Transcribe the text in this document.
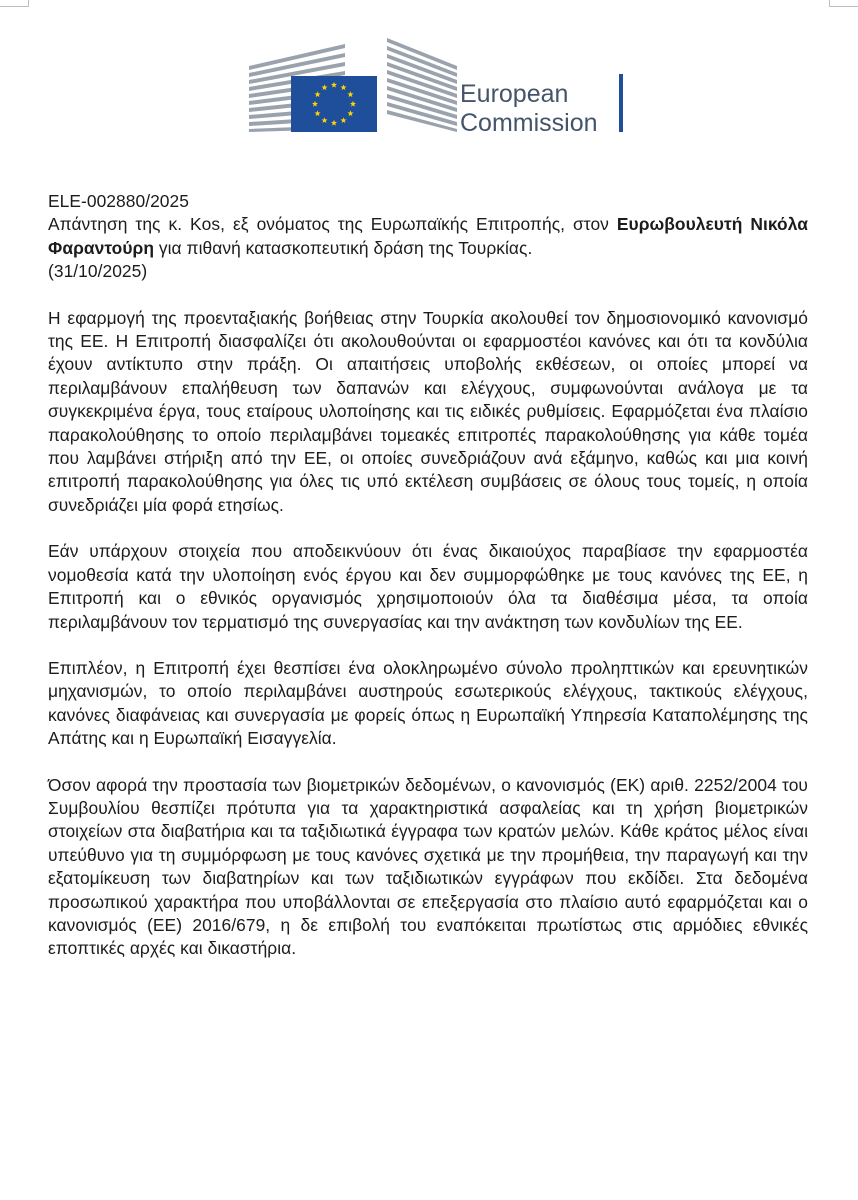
European
Commission
ELE-002880/2025

Απάντηση της κ. Kos, εξ ονόματος της Ευρωπαϊκής Επιτροπής, στον Ευρωβουλευτή Νικόλα Φαραντούρη για πιθανή κατασκοπευτική δράση της Τουρκίας.

(31/10/2025)

Η εφαρμογή της προενταξιακής βοήθειας στην Τουρκία ακολουθεί τον δημοσιονομικό κανονισμό της ΕΕ. Η Επιτροπή διασφαλίζει ότι ακολουθούνται οι εφαρμοστέοι κανόνες και ότι τα κονδύλια έχουν αντίκτυπο στην πράξη. Οι απαιτήσεις υποβολής εκθέσεων, οι οποίες μπορεί να περιλαμβάνουν επαλήθευση των δαπανών και ελέγχους, συμφωνούνται ανάλογα με τα συγκεκριμένα έργα, τους εταίρους υλοποίησης και τις ειδικές ρυθμίσεις. Εφαρμόζεται ένα πλαίσιο παρακολούθησης το οποίο περιλαμβάνει τομεακές επιτροπές παρακολούθησης για κάθε τομέα που λαμβάνει στήριξη από την ΕΕ, οι οποίες συνεδριάζουν ανά εξάμηνο, καθώς και μια κοινή επιτροπή παρακολούθησης για όλες τις υπό εκτέλεση συμβάσεις σε όλους τους τομείς, η οποία συνεδριάζει μία φορά ετησίως.

Εάν υπάρχουν στοιχεία που αποδεικνύουν ότι ένας δικαιούχος παραβίασε την εφαρμοστέα νομοθεσία κατά την υλοποίηση ενός έργου και δεν συμμορφώθηκε με τους κανόνες της ΕΕ, η Επιτροπή και ο εθνικός οργανισμός χρησιμοποιούν όλα τα διαθέσιμα μέσα, τα οποία περιλαμβάνουν τον τερματισμό της συνεργασίας και την ανάκτηση των κονδυλίων της ΕΕ.

Επιπλέον, η Επιτροπή έχει θεσπίσει ένα ολοκληρωμένο σύνολο προληπτικών και ερευνητικών μηχανισμών, το οποίο περιλαμβάνει αυστηρούς εσωτερικούς ελέγχους, τακτικούς ελέγχους, κανόνες διαφάνειας και συνεργασία με φορείς όπως η Ευρωπαϊκή Υπηρεσία Καταπολέμησης της Απάτης και η Ευρωπαϊκή Εισαγγελία.

Όσον αφορά την προστασία των βιομετρικών δεδομένων, ο κανονισμός (ΕΚ) αριθ. 2252/2004 του Συμβουλίου θεσπίζει πρότυπα για τα χαρακτηριστικά ασφαλείας και τη χρήση βιομετρικών στοιχείων στα διαβατήρια και τα ταξιδιωτικά έγγραφα των κρατών μελών. Κάθε κράτος μέλος είναι υπεύθυνο για τη συμμόρφωση με τους κανόνες σχετικά με την προμήθεια, την παραγωγή και την εξατομίκευση των διαβατηρίων και των ταξιδιωτικών εγγράφων που εκδίδει. Στα δεδομένα προσωπικού χαρακτήρα που υποβάλλονται σε επεξεργασία στο πλαίσιο αυτό εφαρμόζεται και ο κανονισμός (ΕΕ) 2016/679, η δε επιβολή του εναπόκειται πρωτίστως στις αρμόδιες εθνικές εποπτικές αρχές και δικαστήρια.
